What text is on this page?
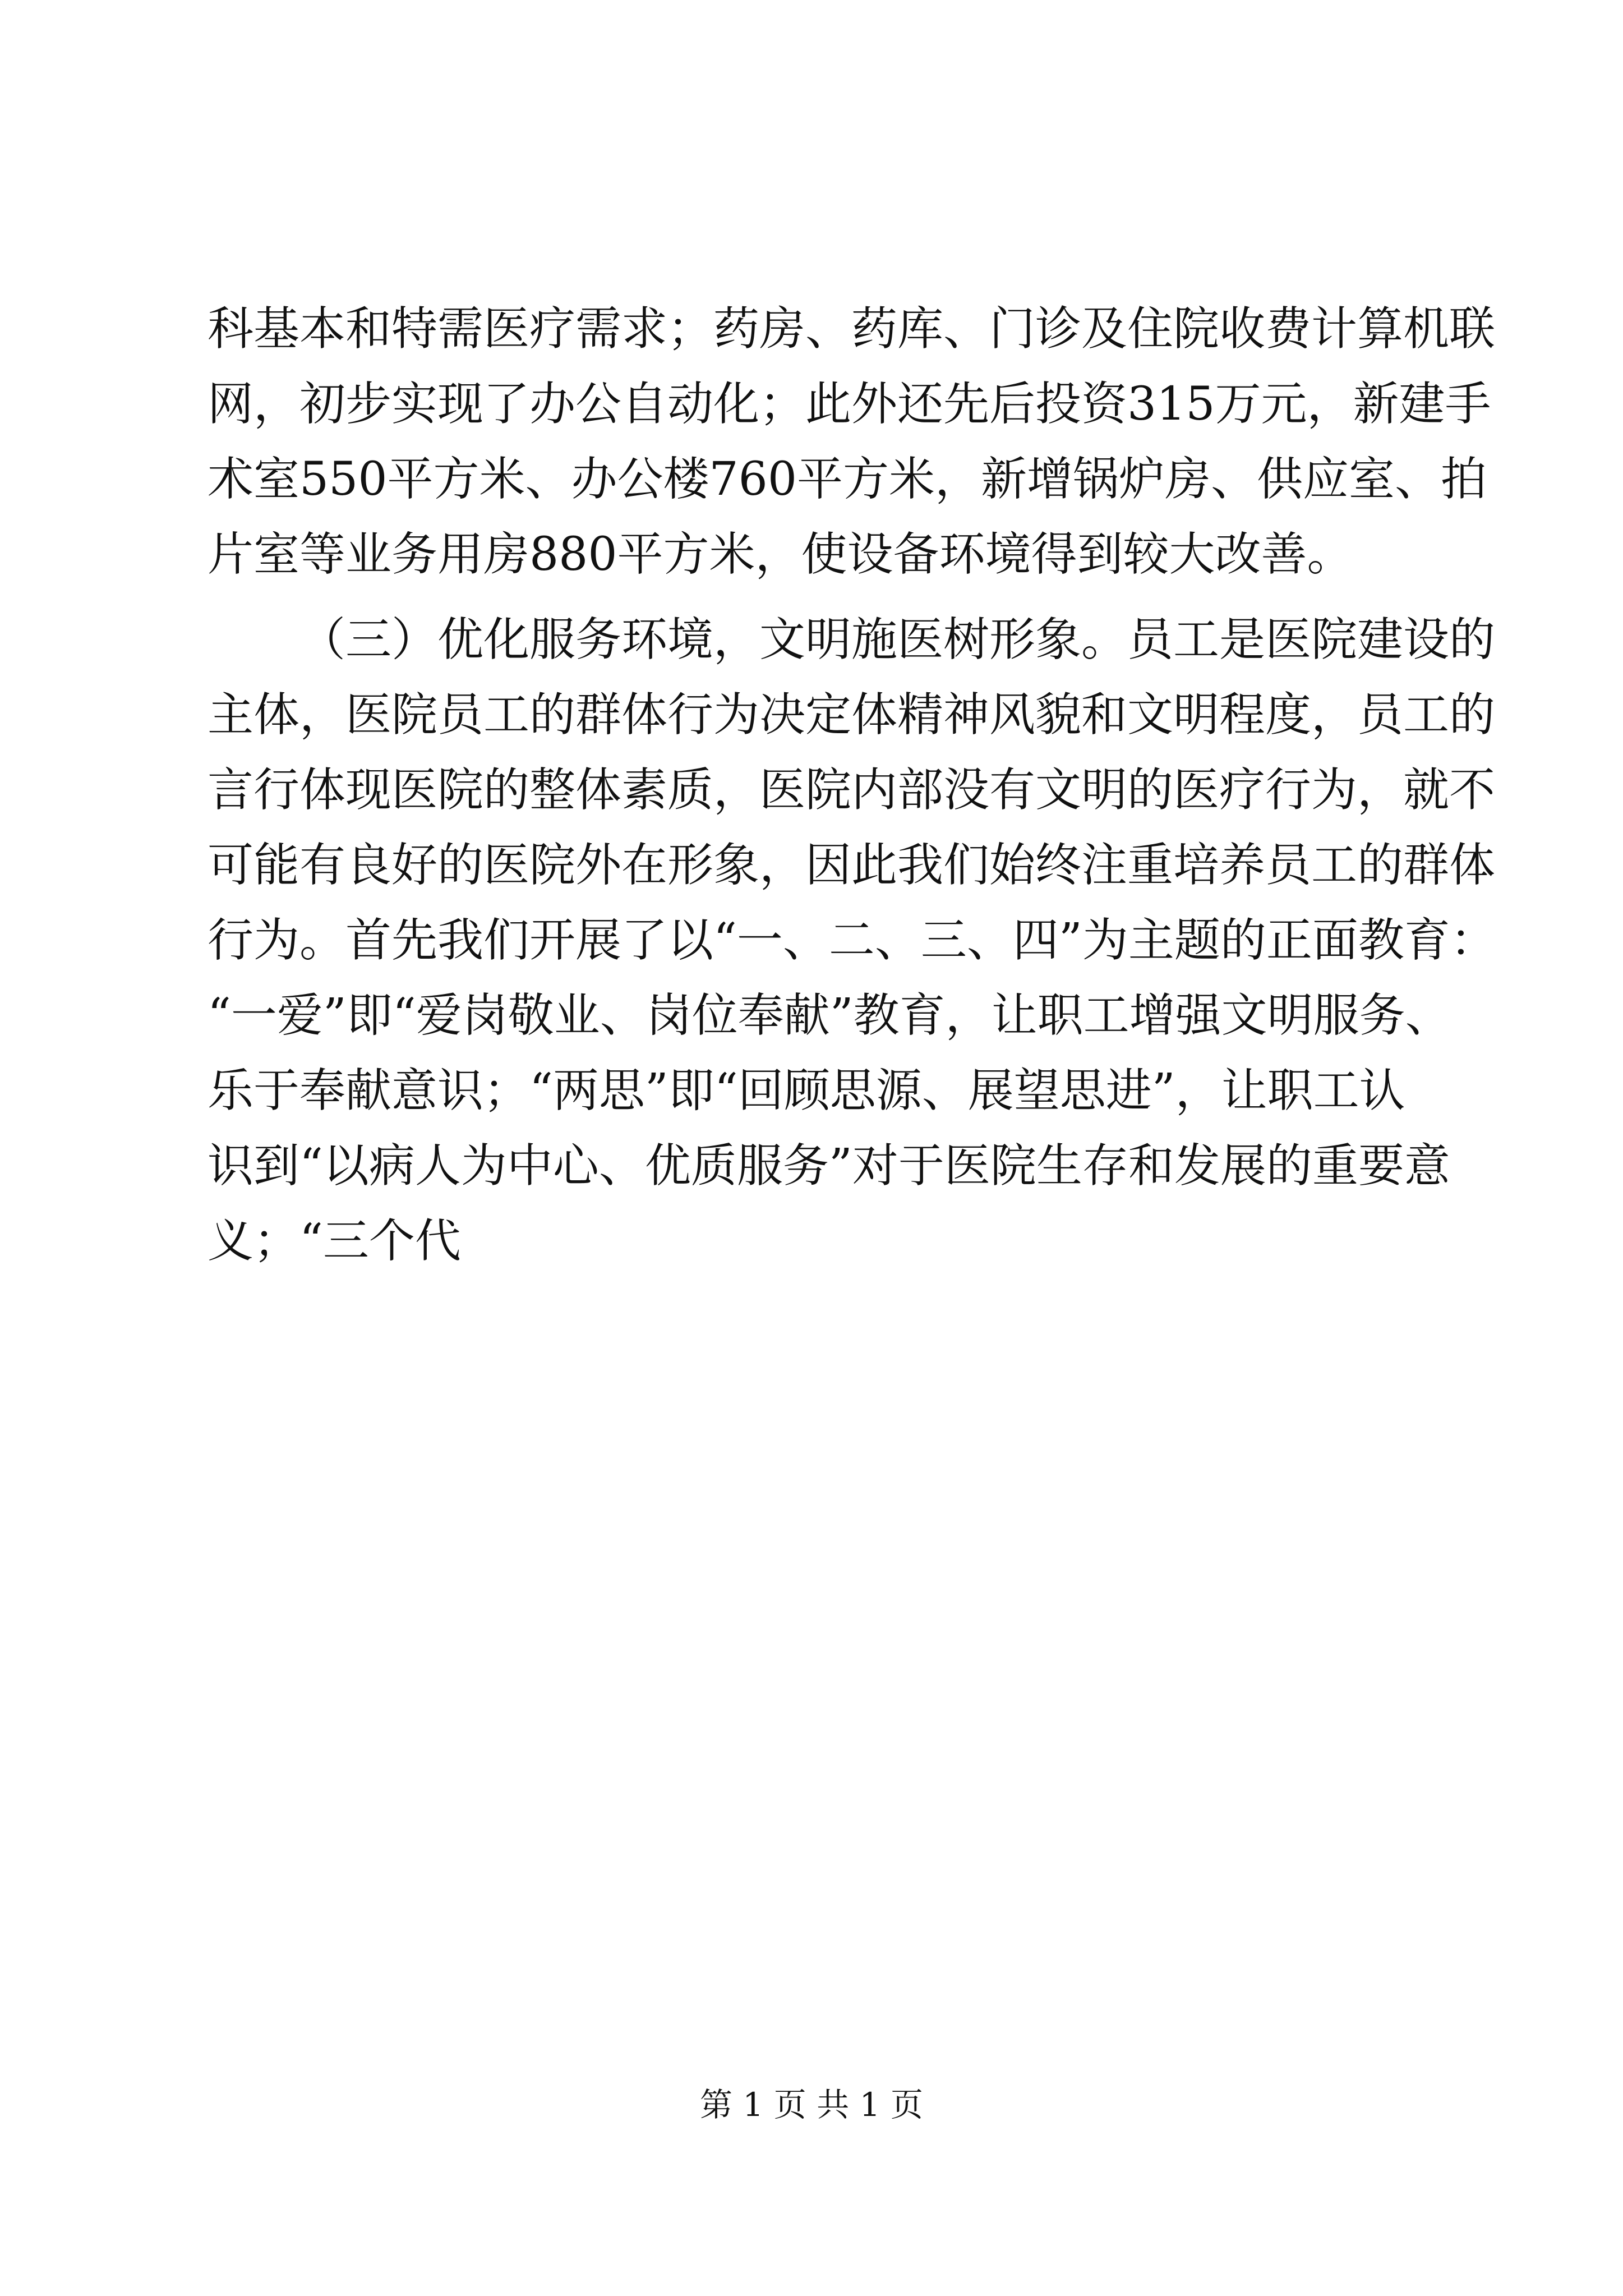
科基本和特需医疗需求；药房、药库、门诊及住院收费计算机联
网，初步实现了办公自动化；此外还先后投资315万元，新建手
术室550平方米、办公楼760平方米，新增锅炉房、供应室、拍
片室等业务用房880平方米，使设备环境得到较大改善。
（三）优化服务环境，文明施医树形象。员工是医院建设的
主体，医院员工的群体行为决定体精神风貌和文明程度，员工的
言行体现医院的整体素质，医院内部没有文明的医疗行为，就不
可能有良好的医院外在形象，因此我们始终注重培养员工的群体
行为。首先我们开展了以“一、二、三、四”为主题的正面教育：
“一爱”即“爱岗敬业、岗位奉献”教育，让职工增强文明服务、
乐于奉献意识；“两思”即“回顾思源、展望思进”，让职工认
识到“以病人为中心、优质服务”对于医院生存和发展的重要意
义；“三个代
第 1 页 共 1 页
